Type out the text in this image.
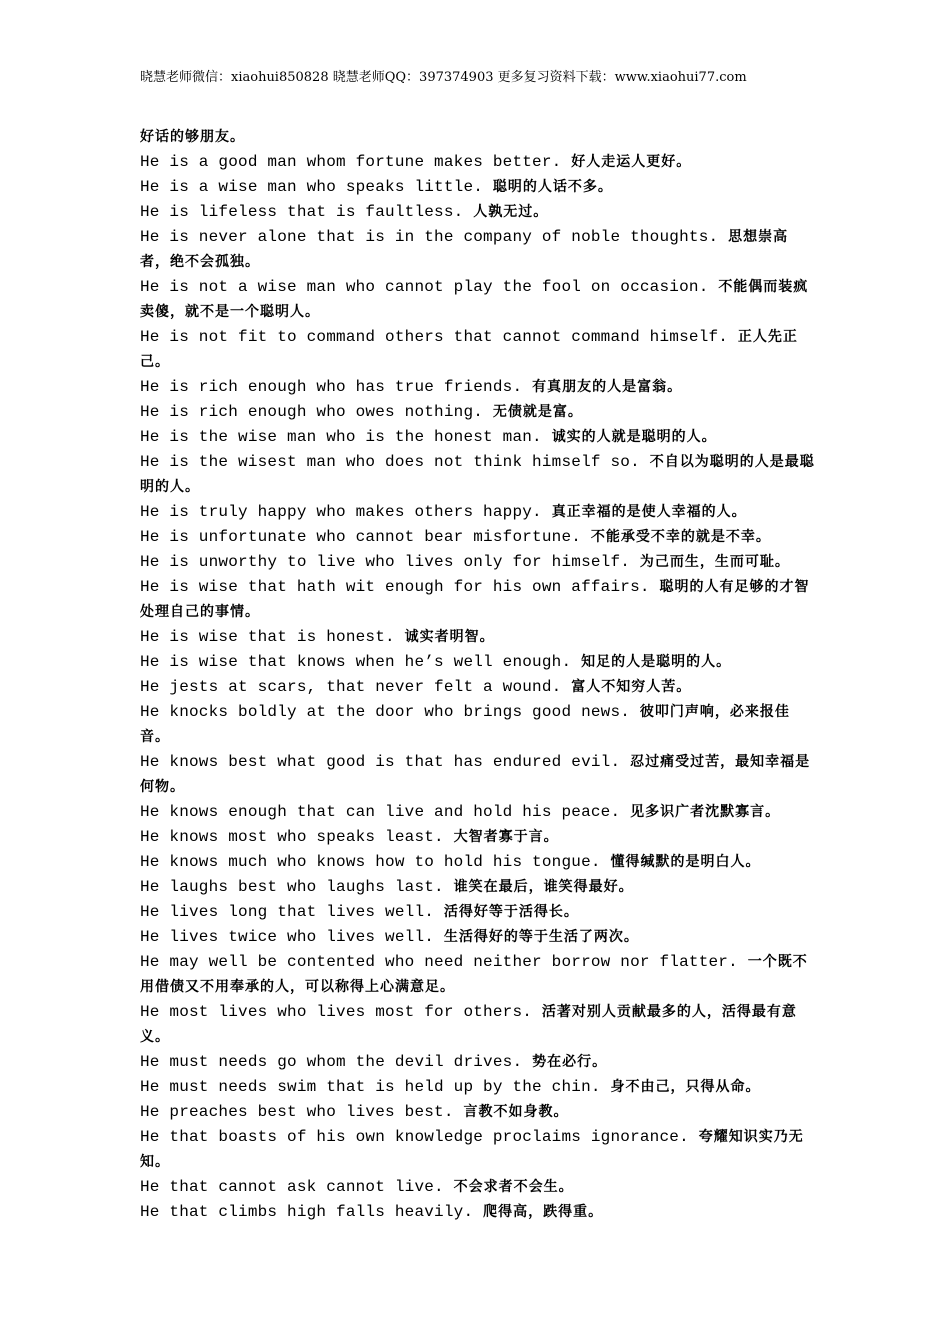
晓慧老师微信：xiaohui850828 晓慧老师QQ：397374903 更多复习资料下载：www.xiaohui77.com
好话的够朋友。
He is a good man whom fortune makes better. 好人走运人更好。
He is a wise man who speaks little. 聪明的人话不多。
He is lifeless that is faultless. 人孰无过。
He is never alone that is in the company of noble thoughts. 思想崇高者，绝不会孤独。
He is not a wise man who cannot play the fool on occasion. 不能偶而装疯卖傻，就不是一个聪明人。
He is not fit to command others that cannot command himself. 正人先正己。
He is rich enough who has true friends. 有真朋友的人是富翁。
He is rich enough who owes nothing. 无债就是富。
He is the wise man who is the honest man. 诚实的人就是聪明的人。
He is the wisest man who does not think himself so. 不自以为聪明的人是最聪明的人。
He is truly happy who makes others happy. 真正幸福的是使人幸福的人。
He is unfortunate who cannot bear misfortune. 不能承受不幸的就是不幸。
He is unworthy to live who lives only for himself. 为己而生，生而可耻。
He is wise that hath wit enough for his own affairs. 聪明的人有足够的才智处理自己的事情。
He is wise that is honest. 诚实者明智。
He is wise that knows when he’s well enough. 知足的人是聪明的人。
He jests at scars, that never felt a wound. 富人不知穷人苦。
He knocks boldly at the door who brings good news. 彼叩门声响，必来报佳音。
He knows best what good is that has endured evil. 忍过痛受过苦，最知幸福是何物。
He knows enough that can live and hold his peace. 见多识广者沈默寡言。
He knows most who speaks least. 大智者寡于言。
He knows much who knows how to hold his tongue. 懂得缄默的是明白人。
He laughs best who laughs last. 谁笑在最后，谁笑得最好。
He lives long that lives well. 活得好等于活得长。
He lives twice who lives well. 生活得好的等于生活了两次。
He may well be contented who need neither borrow nor flatter. 一个既不用借债又不用奉承的人，可以称得上心满意足。
He most lives who lives most for others. 活著对别人贡献最多的人，活得最有意义。
He must needs go whom the devil drives. 势在必行。
He must needs swim that is held up by the chin. 身不由己，只得从命。
He preaches best who lives best. 言教不如身教。
He that boasts of his own knowledge proclaims ignorance. 夸耀知识实乃无知。
He that cannot ask cannot live. 不会求者不会生。
He that climbs high falls heavily. 爬得高，跌得重。
